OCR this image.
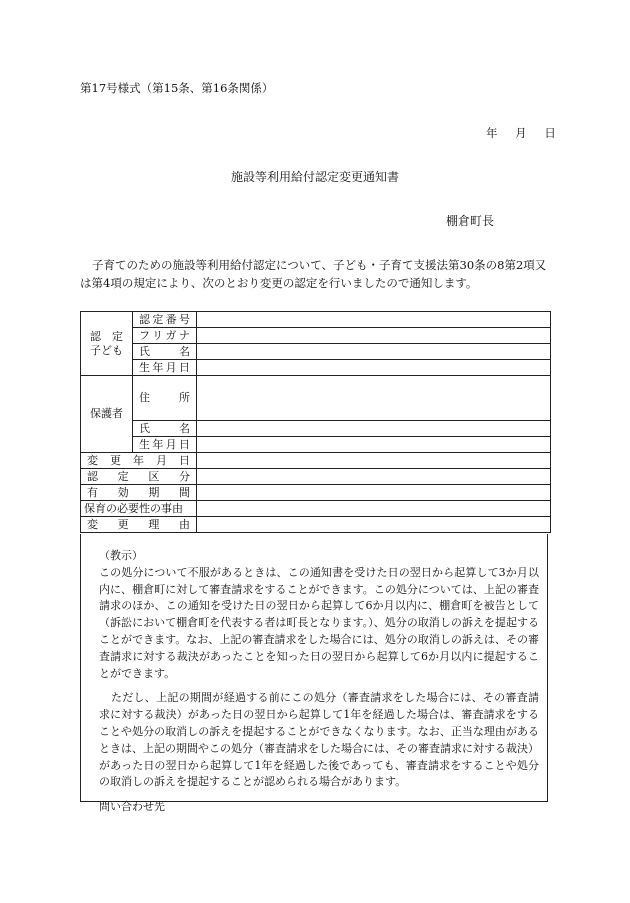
第17号様式（第15条、第16条関係）
年 月 日
施設等利用給付認定変更通知書
棚倉町長
子育てのための施設等利用給付認定について、子ども・子育て支援法第30条の8第2項又は第4項の規定により、次のとおり変更の認定を行いましたので通知します。
認　定
子ども	認定番号	
	フリガナ	
	氏　名	
	生年月日	
保護者	住　所	
	氏　名	
	生年月日	
変更年月日		
認定区分		
有効期間		
保育の必要性の事由		
変更理由		

（教示）

この処分について不服があるときは、この通知書を受けた日の翌日から起算して3か月以内に、棚倉町に対して審査請求をすることができます。この処分については、上記の審査請求のほか、この通知を受けた日の翌日から起算して6か月以内に、棚倉町を被告として（訴訟において棚倉町を代表する者は町長となります。）、処分の取消しの訴えを提起することができます。なお、上記の審査請求をした場合には、処分の取消しの訴えは、その審査請求に対する裁決があったことを知った日の翌日から起算して6か月以内に提起することができます。

ただし、上記の期間が経過する前にこの処分（審査請求をした場合には、その審査請求に対する裁決）があった日の翌日から起算して1年を経過した場合は、審査請求をすることや処分の取消しの訴えを提起することができなくなります。なお、正当な理由があるときは、上記の期間やこの処分（審査請求をした場合には、その審査請求に対する裁決）があった日の翌日から起算して1年を経過した後であっても、審査請求をすることや処分の取消しの訴えを提起することが認められる場合があります。

問い合わせ先
